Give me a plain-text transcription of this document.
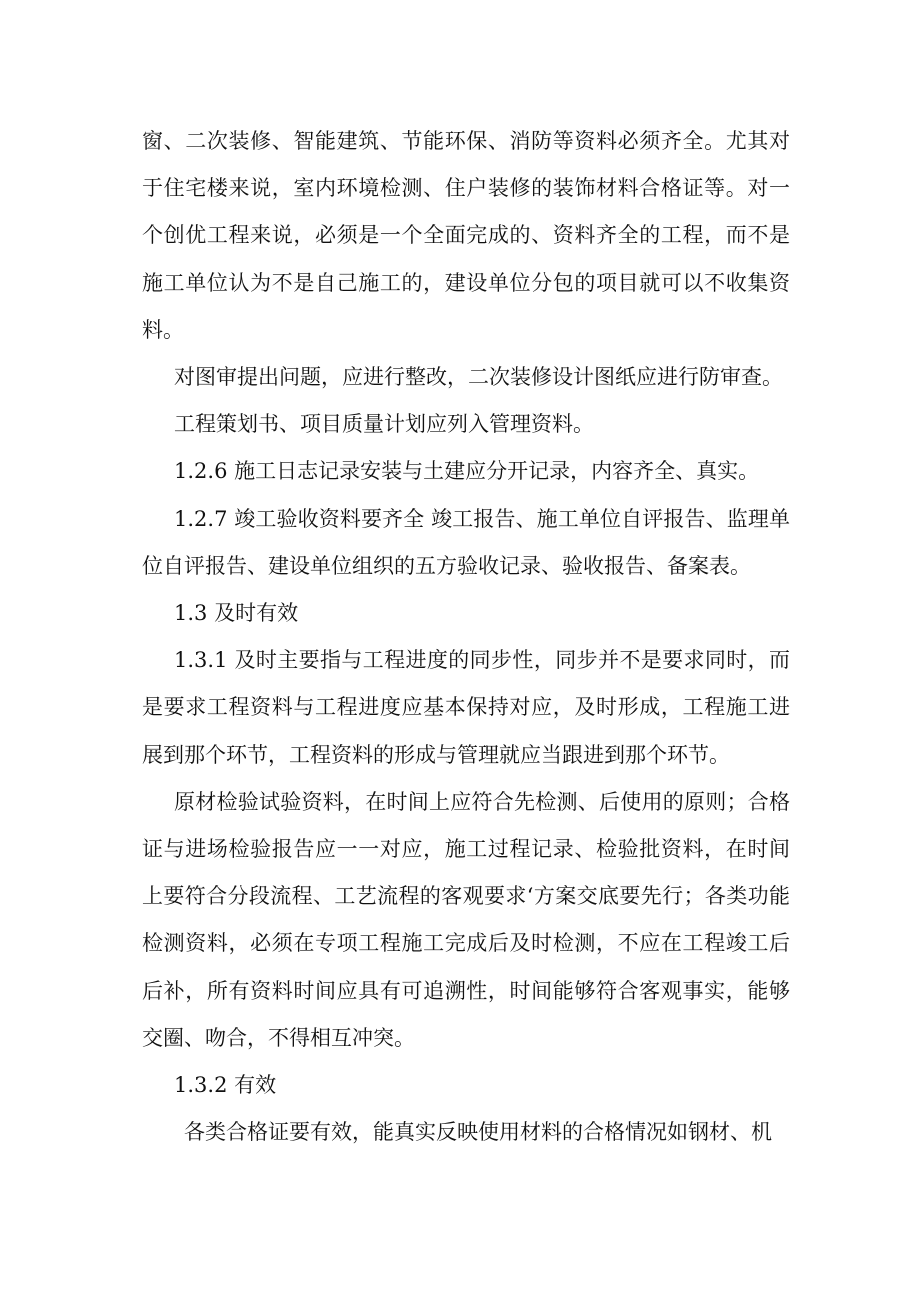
窗、二次装修、智能建筑、节能环保、消防等资料必须齐全。尤其对于住宅楼来说，室内环境检测、住户装修的装饰材料合格证等。对一个创优工程来说，必须是一个全面完成的、资料齐全的工程，而不是施工单位认为不是自己施工的，建设单位分包的项目就可以不收集资料。

对图审提出问题，应进行整改，二次装修设计图纸应进行防审查。

工程策划书、项目质量计划应列入管理资料。

1.2.6 施工日志记录安装与土建应分开记录，内容齐全、真实。

1.2.7 竣工验收资料要齐全 竣工报告、施工单位自评报告、监理单位自评报告、建设单位组织的五方验收记录、验收报告、备案表。

1.3 及时有效

1.3.1 及时主要指与工程进度的同步性，同步并不是要求同时，而是要求工程资料与工程进度应基本保持对应，及时形成，工程施工进展到那个环节，工程资料的形成与管理就应当跟进到那个环节。

原材检验试验资料，在时间上应符合先检测、后使用的原则；合格证与进场检验报告应一一对应，施工过程记录、检验批资料，在时间上要符合分段流程、工艺流程的客观要求‘方案交底要先行；各类功能检测资料，必须在专项工程施工完成后及时检测，不应在工程竣工后后补，所有资料时间应具有可追溯性，时间能够符合客观事实，能够交圈、吻合，不得相互冲突。

1.3.2 有效

各类合格证要有效，能真实反映使用材料的合格情况如钢材、机
